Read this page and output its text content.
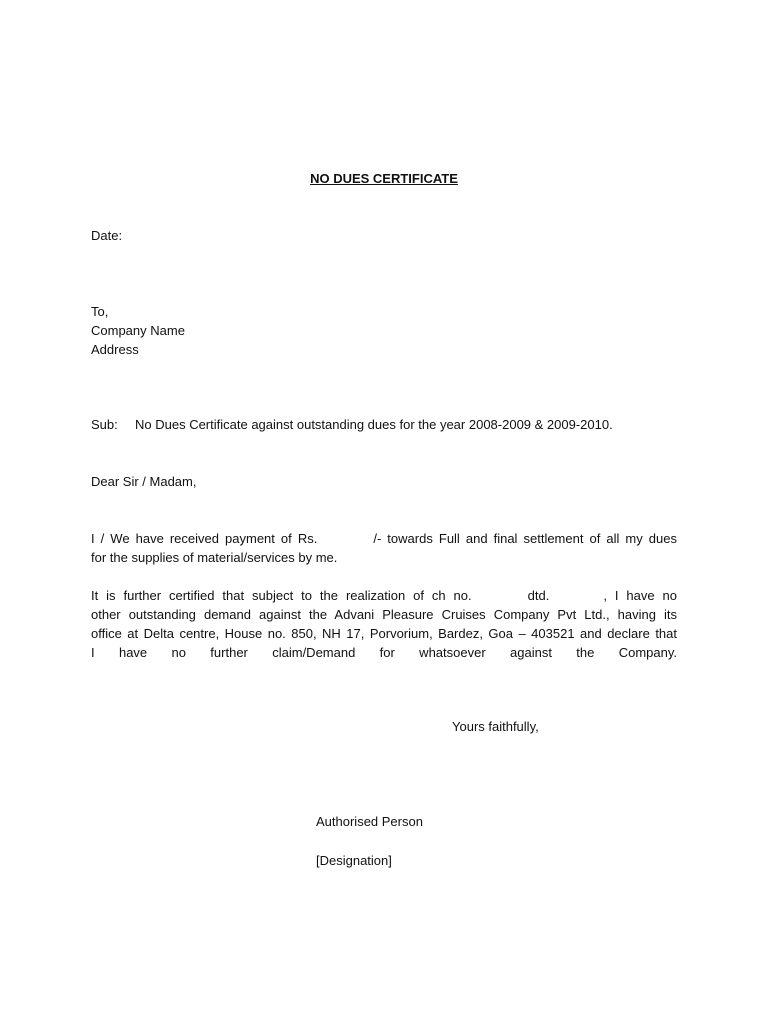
NO DUES CERTIFICATE
Date:
To,
Company Name
Address
Sub: No Dues Certificate against outstanding dues for the year 2008-2009 & 2009-2010.
Dear Sir / Madam,
I / We have received payment of Rs.	/- towards Full and final settlement of all my dues
for the supplies of material/services by me.
It is further certified that subject to the realization of ch no.	dtd.	, I have no
other outstanding demand against the Advani Pleasure Cruises Company Pvt Ltd., having its
office at Delta centre, House no. 850, NH 17, Porvorium, Bardez, Goa – 403521 and declare that
I have no further claim/Demand for whatsoever against the Company.
Yours faithfully,
Authorised Person
[Designation]
